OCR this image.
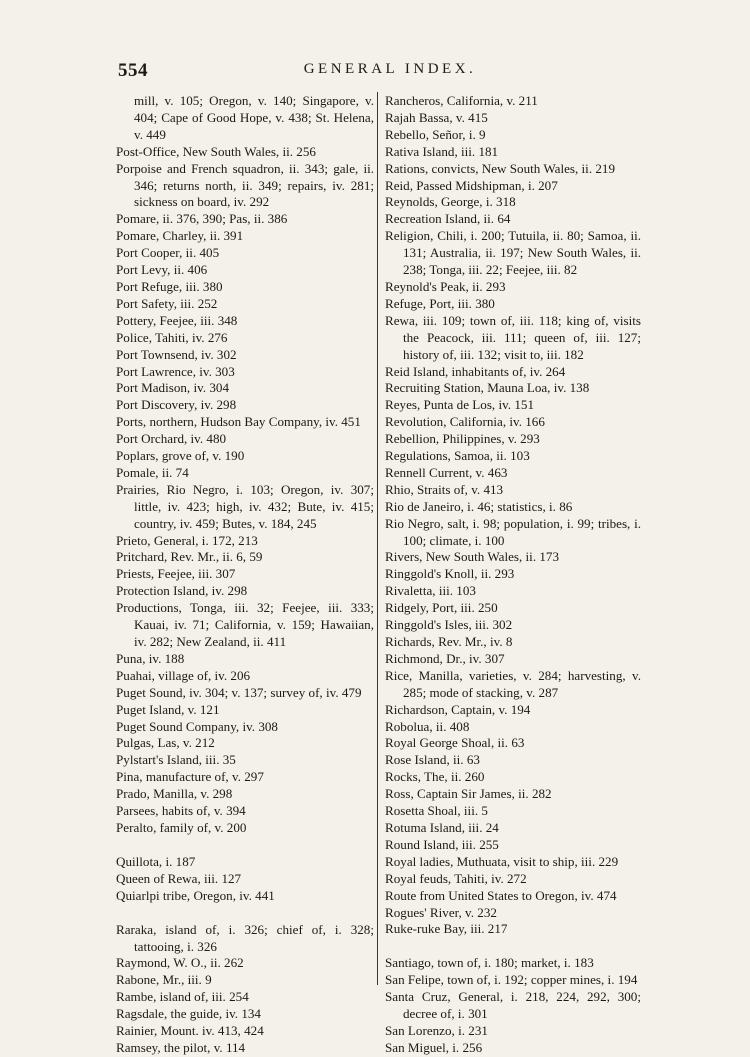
554	GENERAL INDEX.
mill, v. 105; Oregon, v. 140; Singapore, v. 404; Cape of Good Hope, v. 438; St. Helena, v. 449
Post-Office, New South Wales, ii. 256
Porpoise and French squadron, ii. 343; gale, ii. 346; returns north, ii. 349; repairs, iv. 281; sickness on board, iv. 292
Pomare, ii. 376, 390; Pas, ii. 386
Pomare, Charley, ii. 391
Port Cooper, ii. 405
Port Levy, ii. 406
Port Refuge, iii. 380
Port Safety, iii. 252
Pottery, Feejee, iii. 348
Police, Tahiti, iv. 276
Port Townsend, iv. 302
Port Lawrence, iv. 303
Port Madison, iv. 304
Port Discovery, iv. 298
Ports, northern, Hudson Bay Company, iv. 451
Port Orchard, iv. 480
Poplars, grove of, v. 190
Pomale, ii. 74
Prairies, Rio Negro, i. 103; Oregon, iv. 307; little, iv. 423; high, iv. 432; Bute, iv. 415; country, iv. 459; Butes, v. 184, 245
Prieto, General, i. 172, 213
Pritchard, Rev. Mr., ii. 6, 59
Priests, Feejee, iii. 307
Protection Island, iv. 298
Productions, Tonga, iii. 32; Feejee, iii. 333; Kauai, iv. 71; California, v. 159; Hawaiian, iv. 282; New Zealand, ii. 411
Puna, iv. 188
Puahai, village of, iv. 206
Puget Sound, iv. 304; v. 137; survey of, iv. 479
Puget Island, v. 121
Puget Sound Company, iv. 308
Pulgas, Las, v. 212
Pylstart's Island, iii. 35
Pina, manufacture of, v. 297
Prado, Manilla, v. 298
Parsees, habits of, v. 394
Peralto, family of, v. 200
Quillota, i. 187
Queen of Rewa, iii. 127
Quiarlpi tribe, Oregon, iv. 441
Raraka, island of, i. 326; chief of, i. 328; tattooing, i. 326
Raymond, W. O., ii. 262
Rabone, Mr., iii. 9
Rambe, island of, iii. 254
Ragsdale, the guide, iv. 134
Rainier, Mount. iv. 413, 424
Ramsey, the pilot, v. 114
Rancheros, California, v. 211
Rajah Bassa, v. 415
Rebello, Señor, i. 9
Rativa Island, iii. 181
Rations, convicts, New South Wales, ii. 219
Reid, Passed Midshipman, i. 207
Reynolds, George, i. 318
Recreation Island, ii. 64
Religion, Chili, i. 200; Tutuila, ii. 80; Samoa, ii. 131; Australia, ii. 197; New South Wales, ii. 238; Tonga, iii. 22; Feejee, iii. 82
Reynold's Peak, ii. 293
Refuge, Port, iii. 380
Rewa, iii. 109; town of, iii. 118; king of, visits the Peacock, iii. 111; queen of, iii. 127; history of, iii. 132; visit to, iii. 182
Reid Island, inhabitants of, iv. 264
Recruiting Station, Mauna Loa, iv. 138
Reyes, Punta de Los, iv. 151
Revolution, California, iv. 166
Rebellion, Philippines, v. 293
Regulations, Samoa, ii. 103
Rennell Current, v. 463
Rhio, Straits of, v. 413
Rio de Janeiro, i. 46; statistics, i. 86
Rio Negro, salt, i. 98; population, i. 99; tribes, i. 100; climate, i. 100
Rivers, New South Wales, ii. 173
Ringgold's Knoll, ii. 293
Rivaletta, iii. 103
Ridgely, Port, iii. 250
Ringgold's Isles, iii. 302
Richards, Rev. Mr., iv. 8
Richmond, Dr., iv. 307
Rice, Manilla, varieties, v. 284; harvesting, v. 285; mode of stacking, v. 287
Richardson, Captain, v. 194
Robolua, ii. 408
Royal George Shoal, ii. 63
Rose Island, ii. 63
Rocks, The, ii. 260
Ross, Captain Sir James, ii. 282
Rosetta Shoal, iii. 5
Rotuma Island, iii. 24
Round Island, iii. 255
Royal ladies, Muthuata, visit to ship, iii. 229
Royal feuds, Tahiti, iv. 272
Route from United States to Oregon, iv. 474
Rogues' River, v. 232
Ruke-ruke Bay, iii. 217
Santiago, town of, i. 180; market, i. 183
San Felipe, town of, i. 192; copper mines, i. 194
Santa Cruz, General, i. 218, 224, 292, 300; decree of, i. 301
San Lorenzo, i. 231
San Miguel, i. 256
